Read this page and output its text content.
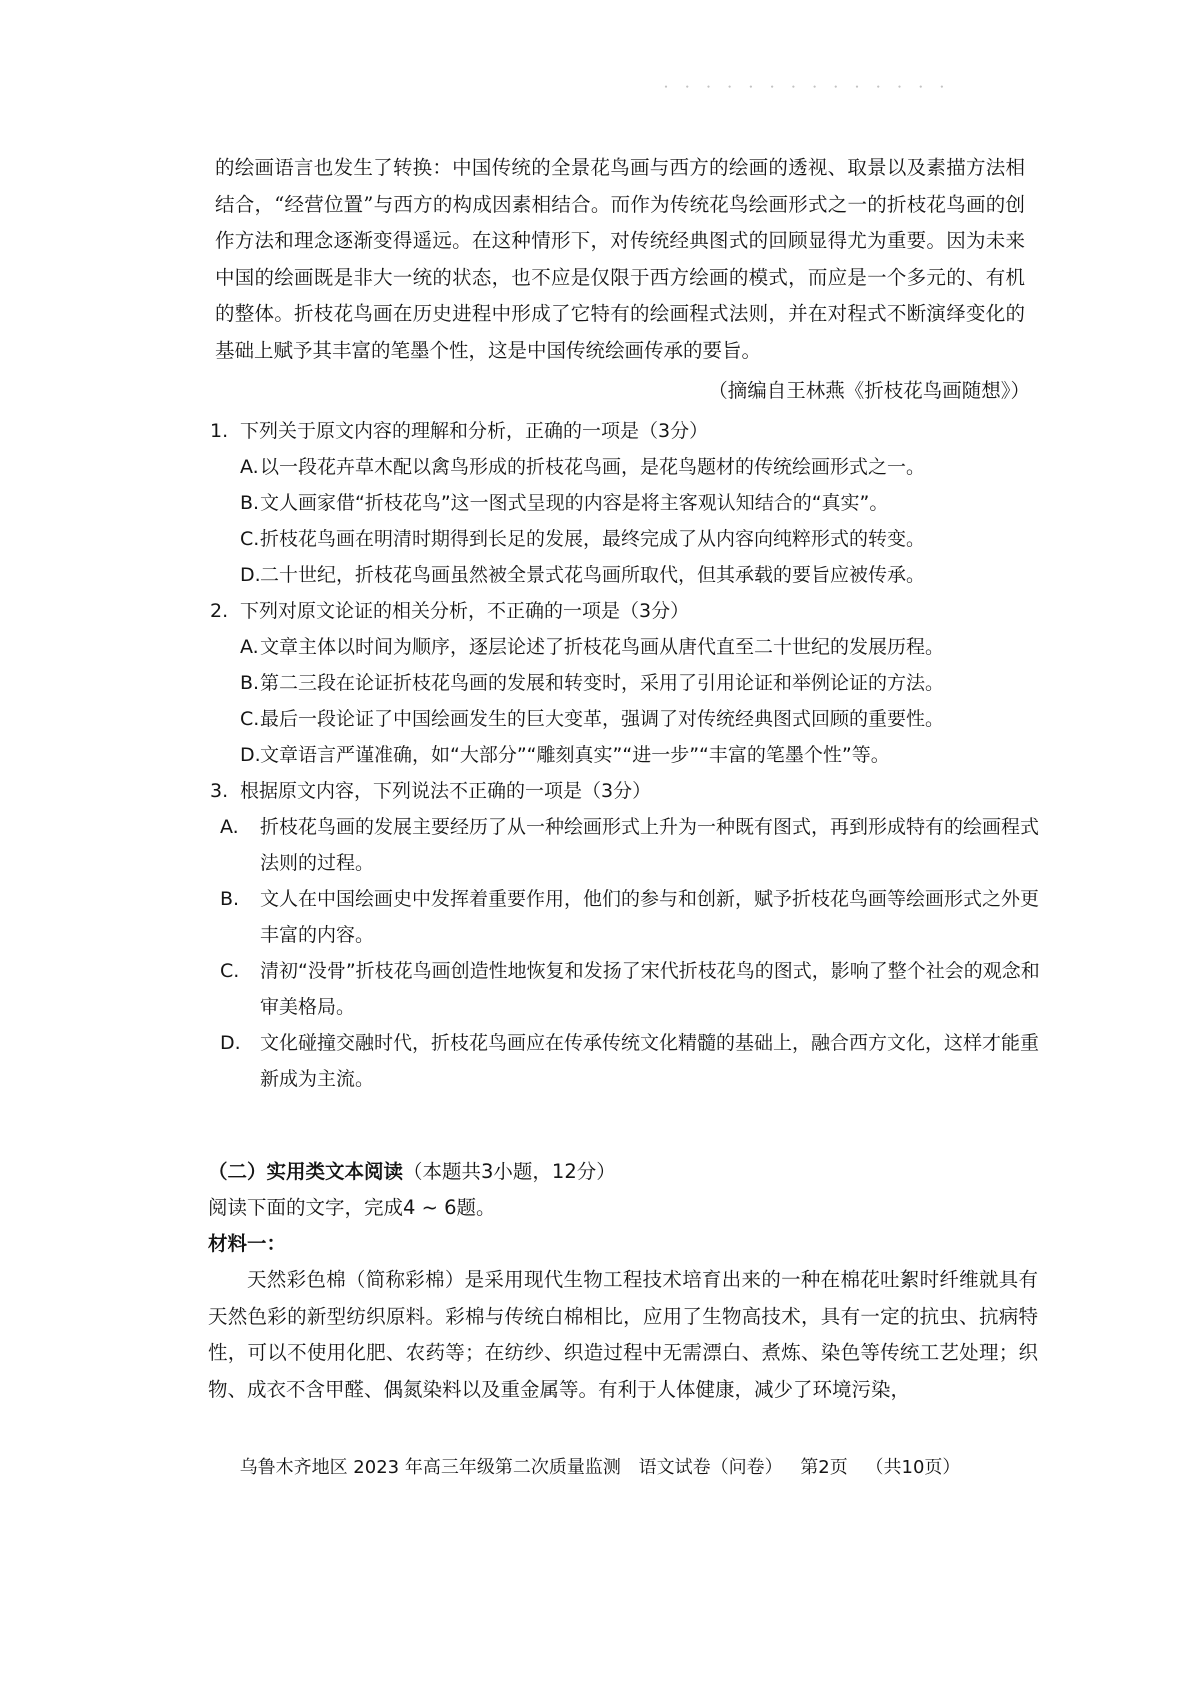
・ ・ ・ ・ ・ ・ ・ ・ ・ ・ ・ ・ ・ ・

的绘画语言也发生了转换：中国传统的全景花鸟画与西方的绘画的透视、取景以及素描方法相结合，“经营位置”与西方的构成因素相结合。而作为传统花鸟绘画形式之一的折枝花鸟画的创作方法和理念逐渐变得遥远。在这种情形下，对传统经典图式的回顾显得尤为重要。因为未来中国的绘画既是非大一统的状态，也不应是仅限于西方绘画的模式，而应是一个多元的、有机的整体。折枝花鸟画在历史进程中形成了它特有的绘画程式法则，并在对程式不断演绎变化的基础上赋予其丰富的笔墨个性，这是中国传统绘画传承的要旨。

（摘编自王林燕《折枝花鸟画随想》）
1. 下列关于原文内容的理解和分析，正确的一项是（3分）
A.以一段花卉草木配以禽鸟形成的折枝花鸟画，是花鸟题材的传统绘画形式之一。
B.文人画家借“折枝花鸟”这一图式呈现的内容是将主客观认知结合的“真实”。
C.折枝花鸟画在明清时期得到长足的发展，最终完成了从内容向纯粹形式的转变。
D.二十世纪，折枝花鸟画虽然被全景式花鸟画所取代，但其承载的要旨应被传承。
2. 下列对原文论证的相关分析，不正确的一项是（3分）
A.文章主体以时间为顺序，逐层论述了折枝花鸟画从唐代直至二十世纪的发展历程。
B.第二三段在论证折枝花鸟画的发展和转变时，采用了引用论证和举例论证的方法。
C.最后一段论证了中国绘画发生的巨大变革，强调了对传统经典图式回顾的重要性。
D.文章语言严谨准确，如“大部分”“雕刻真实”“进一步”“丰富的笔墨个性”等。
3. 根据原文内容，下列说法不正确的一项是（3分）
A. 折枝花鸟画的发展主要经历了从一种绘画形式上升为一种既有图式，再到形成特有的绘画程式法则的过程。
B. 文人在中国绘画史中发挥着重要作用，他们的参与和创新，赋予折枝花鸟画等绘画形式之外更丰富的内容。
C. 清初“没骨”折枝花鸟画创造性地恢复和发扬了宋代折枝花鸟的图式，影响了整个社会的观念和审美格局。
D. 文化碰撞交融时代，折枝花鸟画应在传承传统文化精髓的基础上，融合西方文化，这样才能重新成为主流。
（二）实用类文本阅读（本题共3小题，12分）
阅读下面的文字，完成4 ~ 6题。
材料一：

天然彩色棉（简称彩棉）是采用现代生物工程技术培育出来的一种在棉花吐絮时纤维就具有天然色彩的新型纺织原料。彩棉与传统白棉相比，应用了生物高技术，具有一定的抗虫、抗病特性，可以不使用化肥、农药等；在纺纱、织造过程中无需漂白、煮炼、染色等传统工艺处理；织物、成衣不含甲醛、偶氮染料以及重金属等。有利于人体健康，减少了环境污染，

乌鲁木齐地区 2023 年高三年级第二次质量监测 语文试卷（问卷） 第2页 （共10页）
